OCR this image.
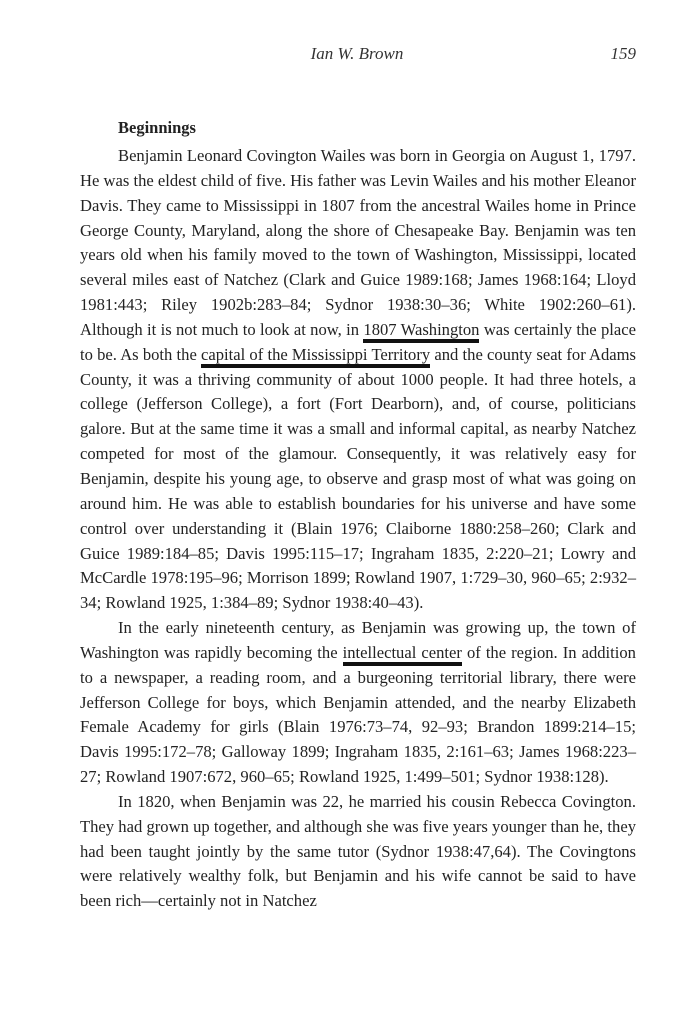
Ian W. Brown	159
Beginnings

Benjamin Leonard Covington Wailes was born in Georgia on August 1, 1797. He was the eldest child of five. His father was Levin Wailes and his mother Eleanor Davis. They came to Mississippi in 1807 from the ancestral Wailes home in Prince George County, Maryland, along the shore of Chesapeake Bay. Benjamin was ten years old when his family moved to the town of Washington, Mississippi, located several miles east of Natchez (Clark and Guice 1989:168; James 1968:164; Lloyd 1981:443; Riley 1902b:283–84; Sydnor 1938:30–36; White 1902:260–61). Although it is not much to look at now, in 1807 Washington was certainly the place to be. As both the capital of the Mississippi Territory and the county seat for Adams County, it was a thriving community of about 1000 people. It had three hotels, a college (Jefferson College), a fort (Fort Dearborn), and, of course, politicians galore. But at the same time it was a small and informal capital, as nearby Natchez competed for most of the glamour. Consequently, it was relatively easy for Benjamin, despite his young age, to observe and grasp most of what was going on around him. He was able to establish boundaries for his universe and have some control over understanding it (Blain 1976; Claiborne 1880:258–260; Clark and Guice 1989:184–85; Davis 1995:115–17; Ingraham 1835, 2:220–21; Lowry and McCardle 1978:195–96; Morrison 1899; Rowland 1907, 1:729–30, 960–65; 2:932–34; Rowland 1925, 1:384–89; Sydnor 1938:40–43).

In the early nineteenth century, as Benjamin was growing up, the town of Washington was rapidly becoming the intellectual center of the region. In addition to a newspaper, a reading room, and a burgeoning territorial library, there were Jefferson College for boys, which Benjamin attended, and the nearby Elizabeth Female Academy for girls (Blain 1976:73–74, 92–93; Brandon 1899:214–15; Davis 1995:172–78; Galloway 1899; Ingraham 1835, 2:161–63; James 1968:223–27; Rowland 1907:672, 960–65; Rowland 1925, 1:499–501; Sydnor 1938:128).

In 1820, when Benjamin was 22, he married his cousin Rebecca Covington. They had grown up together, and although she was five years younger than he, they had been taught jointly by the same tutor (Sydnor 1938:47,64). The Covingtons were relatively wealthy folk, but Benjamin and his wife cannot be said to have been rich—certainly not in Natchez
